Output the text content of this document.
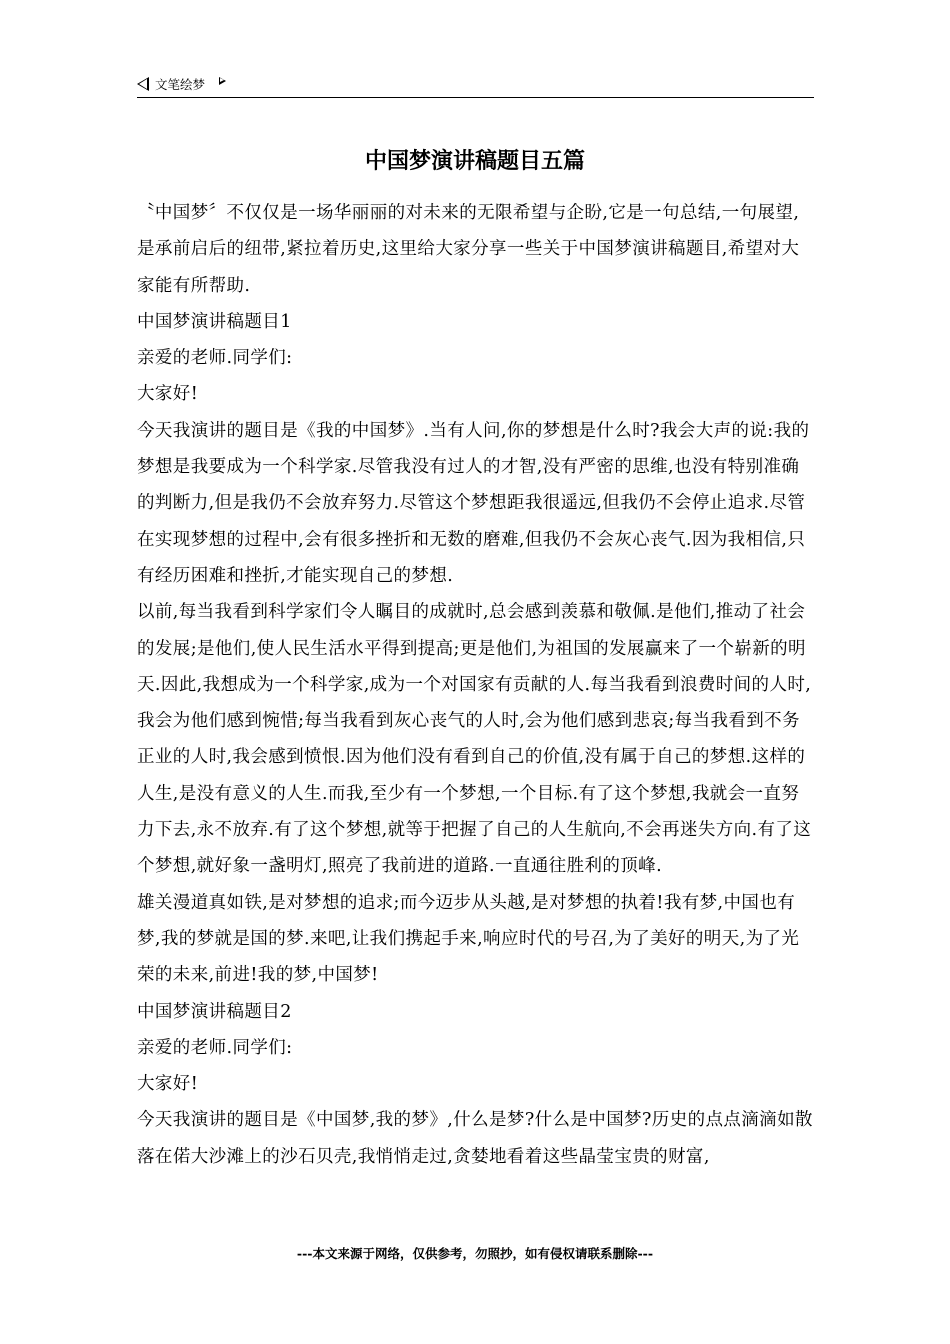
文笔绘梦
中国梦演讲稿题目五篇

〝中国梦〞不仅仅是一场华丽丽的对未来的无限希望与企盼,它是一句总结,一句展望,是承前启后的纽带,紧拉着历史,这里给大家分享一些关于中国梦演讲稿题目,希望对大家能有所帮助.

中国梦演讲稿题目1

亲爱的老师.同学们:

大家好!

今天我演讲的题目是《我的中国梦》.当有人问,你的梦想是什么时?我会大声的说:我的梦想是我要成为一个科学家.尽管我没有过人的才智,没有严密的思维,也没有特别准确的判断力,但是我仍不会放弃努力.尽管这个梦想距我很遥远,但我仍不会停止追求.尽管在实现梦想的过程中,会有很多挫折和无数的磨难,但我仍不会灰心丧气.因为我相信,只有经历困难和挫折,才能实现自己的梦想.

以前,每当我看到科学家们令人瞩目的成就时,总会感到羡慕和敬佩.是他们,推动了社会的发展;是他们,使人民生活水平得到提高;更是他们,为祖国的发展赢来了一个崭新的明天.因此,我想成为一个科学家,成为一个对国家有贡献的人.每当我看到浪费时间的人时,我会为他们感到惋惜;每当我看到灰心丧气的人时,会为他们感到悲哀;每当我看到不务正业的人时,我会感到愤恨.因为他们没有看到自己的价值,没有属于自己的梦想.这样的人生,是没有意义的人生.而我,至少有一个梦想,一个目标.有了这个梦想,我就会一直努力下去,永不放弃.有了这个梦想,就等于把握了自己的人生航向,不会再迷失方向.有了这个梦想,就好象一盏明灯,照亮了我前进的道路.一直通往胜利的顶峰.

雄关漫道真如铁,是对梦想的追求;而今迈步从头越,是对梦想的执着!我有梦,中国也有梦,我的梦就是国的梦.来吧,让我们携起手来,响应时代的号召,为了美好的明天,为了光荣的未来,前进!我的梦,中国梦!

中国梦演讲稿题目2

亲爱的老师.同学们:

大家好!

今天我演讲的题目是《中国梦,我的梦》,什么是梦?什么是中国梦?历史的点点滴滴如散落在偌大沙滩上的沙石贝壳,我悄悄走过,贪婪地看着这些晶莹宝贵的财富,

---本文来源于网络，仅供参考，勿照抄，如有侵权请联系删除---
